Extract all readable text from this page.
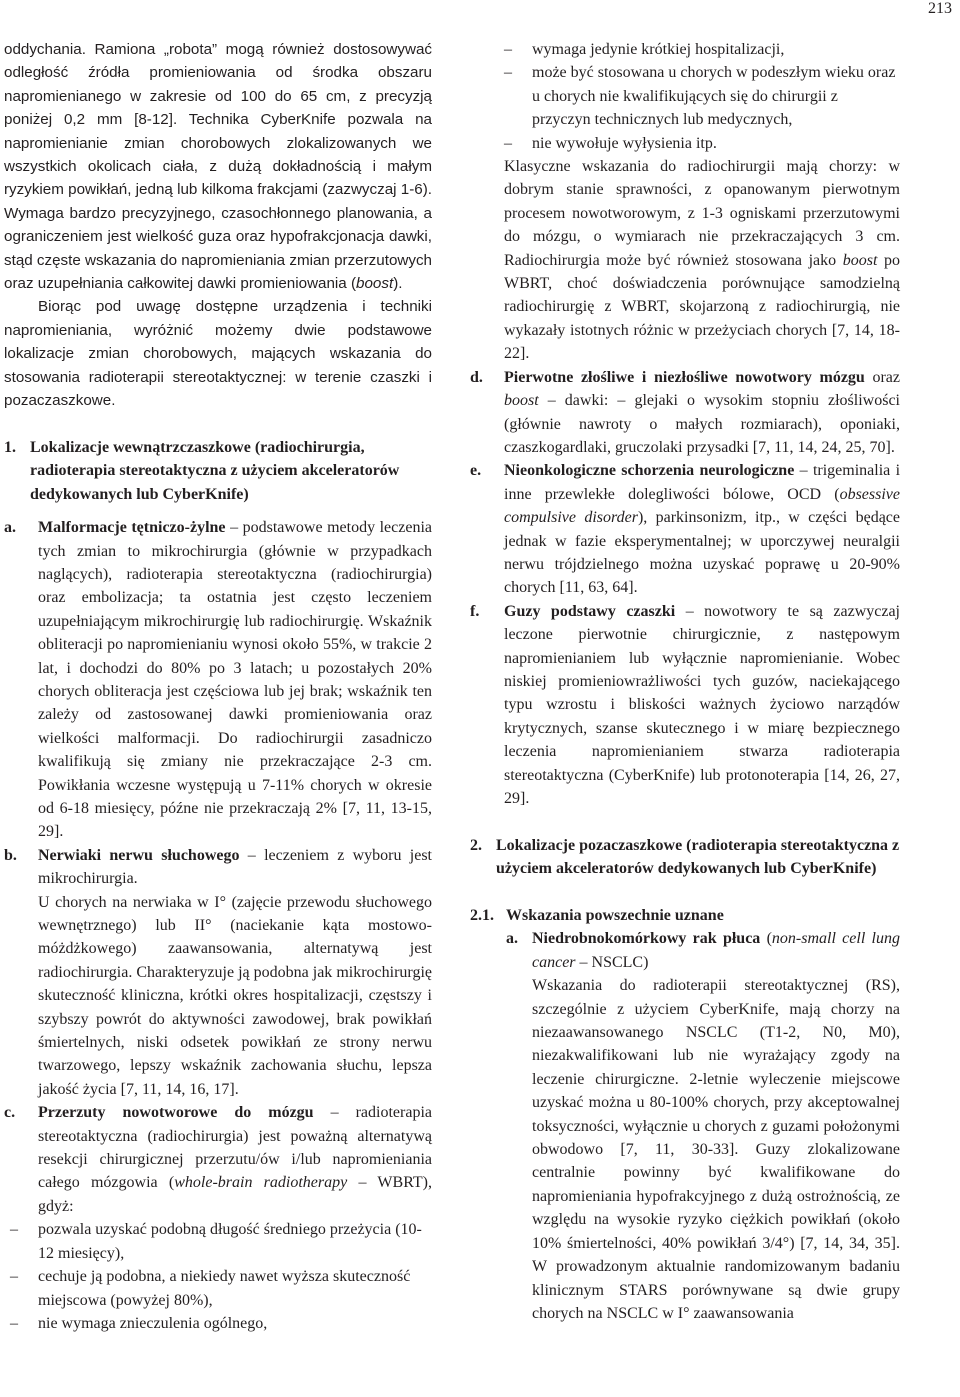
213

oddychania. Ramiona „robota” mogą również dostosowywać odległość źródła promieniowania od środka obszaru napromienianego w zakresie od 100 do 65 cm, z precyzją poniżej 0,2 mm [8-12]. Technika CyberKnife pozwala na napromienianie zmian chorobowych zlokalizowanych we wszystkich okolicach ciała, z dużą dokładnością i małym ryzykiem powikłań, jedną lub kilkoma frakcjami (zazwyczaj 1-6). Wymaga bardzo precyzyjnego, czasochłonnego planowania, a ograniczeniem jest wielkość guza oraz hypofrakcjonacja dawki, stąd częste wskazania do napromieniania zmian przerzutowych oraz uzupełniania całkowitej dawki promieniowania (boost).

Biorąc pod uwagę dostępne urządzenia i techniki napromieniania, wyróżnić możemy dwie podstawowe lokalizacje zmian chorobowych, mających wskazania do stosowania radioterapii stereotaktycznej: w terenie czaszki i pozaczaszkowe.

1. Lokalizacje wewnątrzczaszkowe (radiochirurgia, radioterapia stereotaktyczna z użyciem akceleratorów dedykowanych lub CyberKnife)
a.	Malformacje tętniczo-żylne – podstawowe metody leczenia tych zmian to mikrochirurgia (głównie w przypadkach naglących), radioterapia stereotaktyczna (radiochirurgia) oraz embolizacja; ta ostatnia jest często leczeniem uzupełniającym mikrochirurgię lub radiochirurgię. Wskaźnik obliteracji po napromienianiu wynosi około 55%, w trakcie 2 lat, i dochodzi do 80% po 3 latach; u pozostałych 20% chorych obliteracja jest częściowa lub jej brak; wskaźnik ten zależy od zastosowanej dawki promieniowania oraz wielkości malformacji. Do radiochirurgii zasadniczo kwalifikują się zmiany nie przekraczające 2-3 cm. Powikłania wczesne występują u 7-11% chorych w okresie od 6-18 miesięcy, późne nie przekraczają 2% [7, 11, 13-15, 29].

b.	Nerwiaki nerwu słuchowego – leczeniem z wyboru jest mikrochirurgia.

U chorych na nerwiaka w I° (zajęcie przewodu słuchowego wewnętrznego) lub II° (naciekanie kąta mostowo-móżdżkowego) zaawansowania, alternatywą jest radiochirurgia. Charakteryzuje ją podobna jak mikrochirurgię skuteczność kliniczna, krótki okres hospitalizacji, częstszy i szybszy powrót do aktywności zawodowej, brak powikłań śmiertelnych, niski odsetek powikłań ze strony nerwu twarzowego, lepszy wskaźnik zachowania słuchu, lepsza jakość życia [7, 11, 14, 16, 17].

c.	Przerzuty nowotworowe do mózgu – radioterapia stereotaktyczna (radiochirurgia) jest poważną alternatywą resekcji chirurgicznej przerzutu/ów i/lub napromieniania całego mózgowia (whole-brain radiotherapy – WBRT), gdyż:

–	pozwala uzyskać podobną długość średniego przeżycia (10-12 miesięcy),
–	cechuje ją podobna, a niekiedy nawet wyższa skuteczność miejscowa (powyżej 80%),
–	nie wymaga znieczulenia ogólnego,
–	wymaga jedynie krótkiej hospitalizacji,
–	może być stosowana u chorych w podeszłym wieku oraz u chorych nie kwalifikujących się do chirurgii z przyczyn technicznych lub medycznych,
–	nie wywołuje wyłysienia itp.

Klasyczne wskazania do radiochirurgii mają chorzy: w dobrym stanie sprawności, z opanowanym pierwotnym procesem nowotworowym, z 1-3 ogniskami przerzutowymi do mózgu, o wymiarach nie przekraczających 3 cm. Radiochirurgia może być również stosowana jako boost po WBRT, choć doświadczenia porównujące samodzielną radiochirurgię z WBRT, skojarzoną z radiochirurgią, nie wykazały istotnych różnic w przeżyciach chorych [7, 14, 18-22].

d.	Pierwotne złośliwe i niezłośliwe nowotwory mózgu oraz boost – dawki: – glejaki o wysokim stopniu złośliwości (głównie nawroty o małych rozmiarach), oponiaki, czaszkogardlaki, gruczolaki przysadki [7, 11, 14, 24, 25, 70].

e.	Nieonkologiczne schorzenia neurologiczne – trigeminalia i inne przewlekłe dolegliwości bólowe, OCD (obsessive compulsive disorder), parkinsonizm, itp., w części będące jednak w fazie eksperymentalnej; w uporczywej neuralgii nerwu trójdzielnego można uzyskać poprawę u 20-90% chorych [11, 63, 64].

f.	Guzy podstawy czaszki – nowotwory te są zazwyczaj leczone pierwotnie chirurgicznie, z następowym napromienianiem lub wyłącznie napromienianie. Wobec niskiej promieniowrażliwości tych guzów, naciekającego typu wzrostu i bliskości ważnych życiowo narządów krytycznych, szanse skutecznego i w miarę bezpiecznego leczenia napromienianiem stwarza radioterapia stereotaktyczna (CyberKnife) lub protonoterapia [14, 26, 27, 29].

2. Lokalizacje pozaczaszkowe (radioterapia stereotaktyczna z użyciem akceleratorów dedykowanych lub CyberKnife)
2.1. Wskazania powszechnie uznane
a. Niedrobnokomórkowy rak płuca (non-small cell lung cancer – NSCLC)

Wskazania do radioterapii stereotaktycznej (RS), szczególnie z użyciem CyberKnife, mają chorzy na niezaawansowanego NSCLC (T1-2, N0, M0), niezakwalifikowani lub nie wyrażający zgody na leczenie chirurgiczne. 2-letnie wyleczenie miejscowe uzyskać można u 80-100% chorych, przy akceptowalnej toksyczności, wyłącznie u chorych z guzami położonymi obwodowo [7, 11, 30-33]. Guzy zlokalizowane centralnie powinny być kwalifikowane do napromieniania hypofrakcyjnego z dużą ostrożnością, ze względu na wysokie ryzyko ciężkich powikłań (około 10% śmiertelności, 40% powikłań 3/4°) [7, 14, 34, 35]. W prowadzonym aktualnie randomizowanym badaniu klinicznym STARS porównywane są dwie grupy chorych na NSCLC w I° zaawansowania
